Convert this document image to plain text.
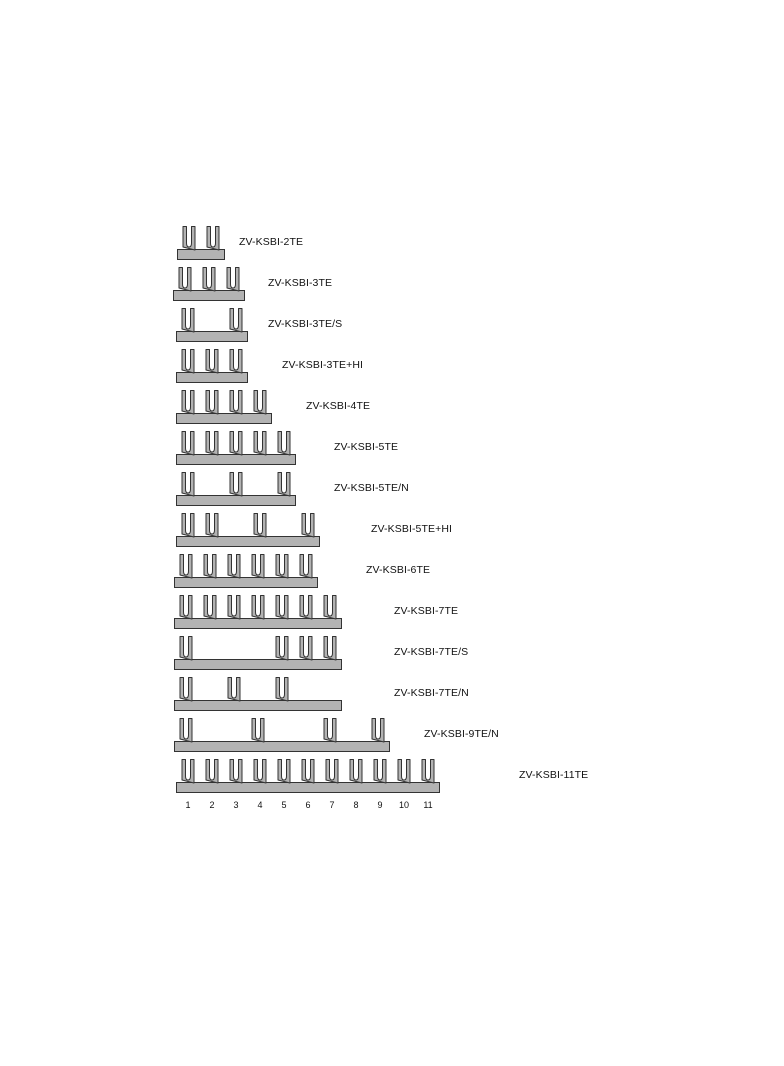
ZV-KSBI-2TE
ZV-KSBI-3TE
ZV-KSBI-3TE/S
ZV-KSBI-3TE+HI
ZV-KSBI-4TE
ZV-KSBI-5TE
ZV-KSBI-5TE/N
ZV-KSBI-5TE+HI
ZV-KSBI-6TE
ZV-KSBI-7TE
ZV-KSBI-7TE/S
ZV-KSBI-7TE/N
ZV-KSBI-9TE/N
ZV-KSBI-11TE
1	2	3	4	5	6	7	8	9	10	11
